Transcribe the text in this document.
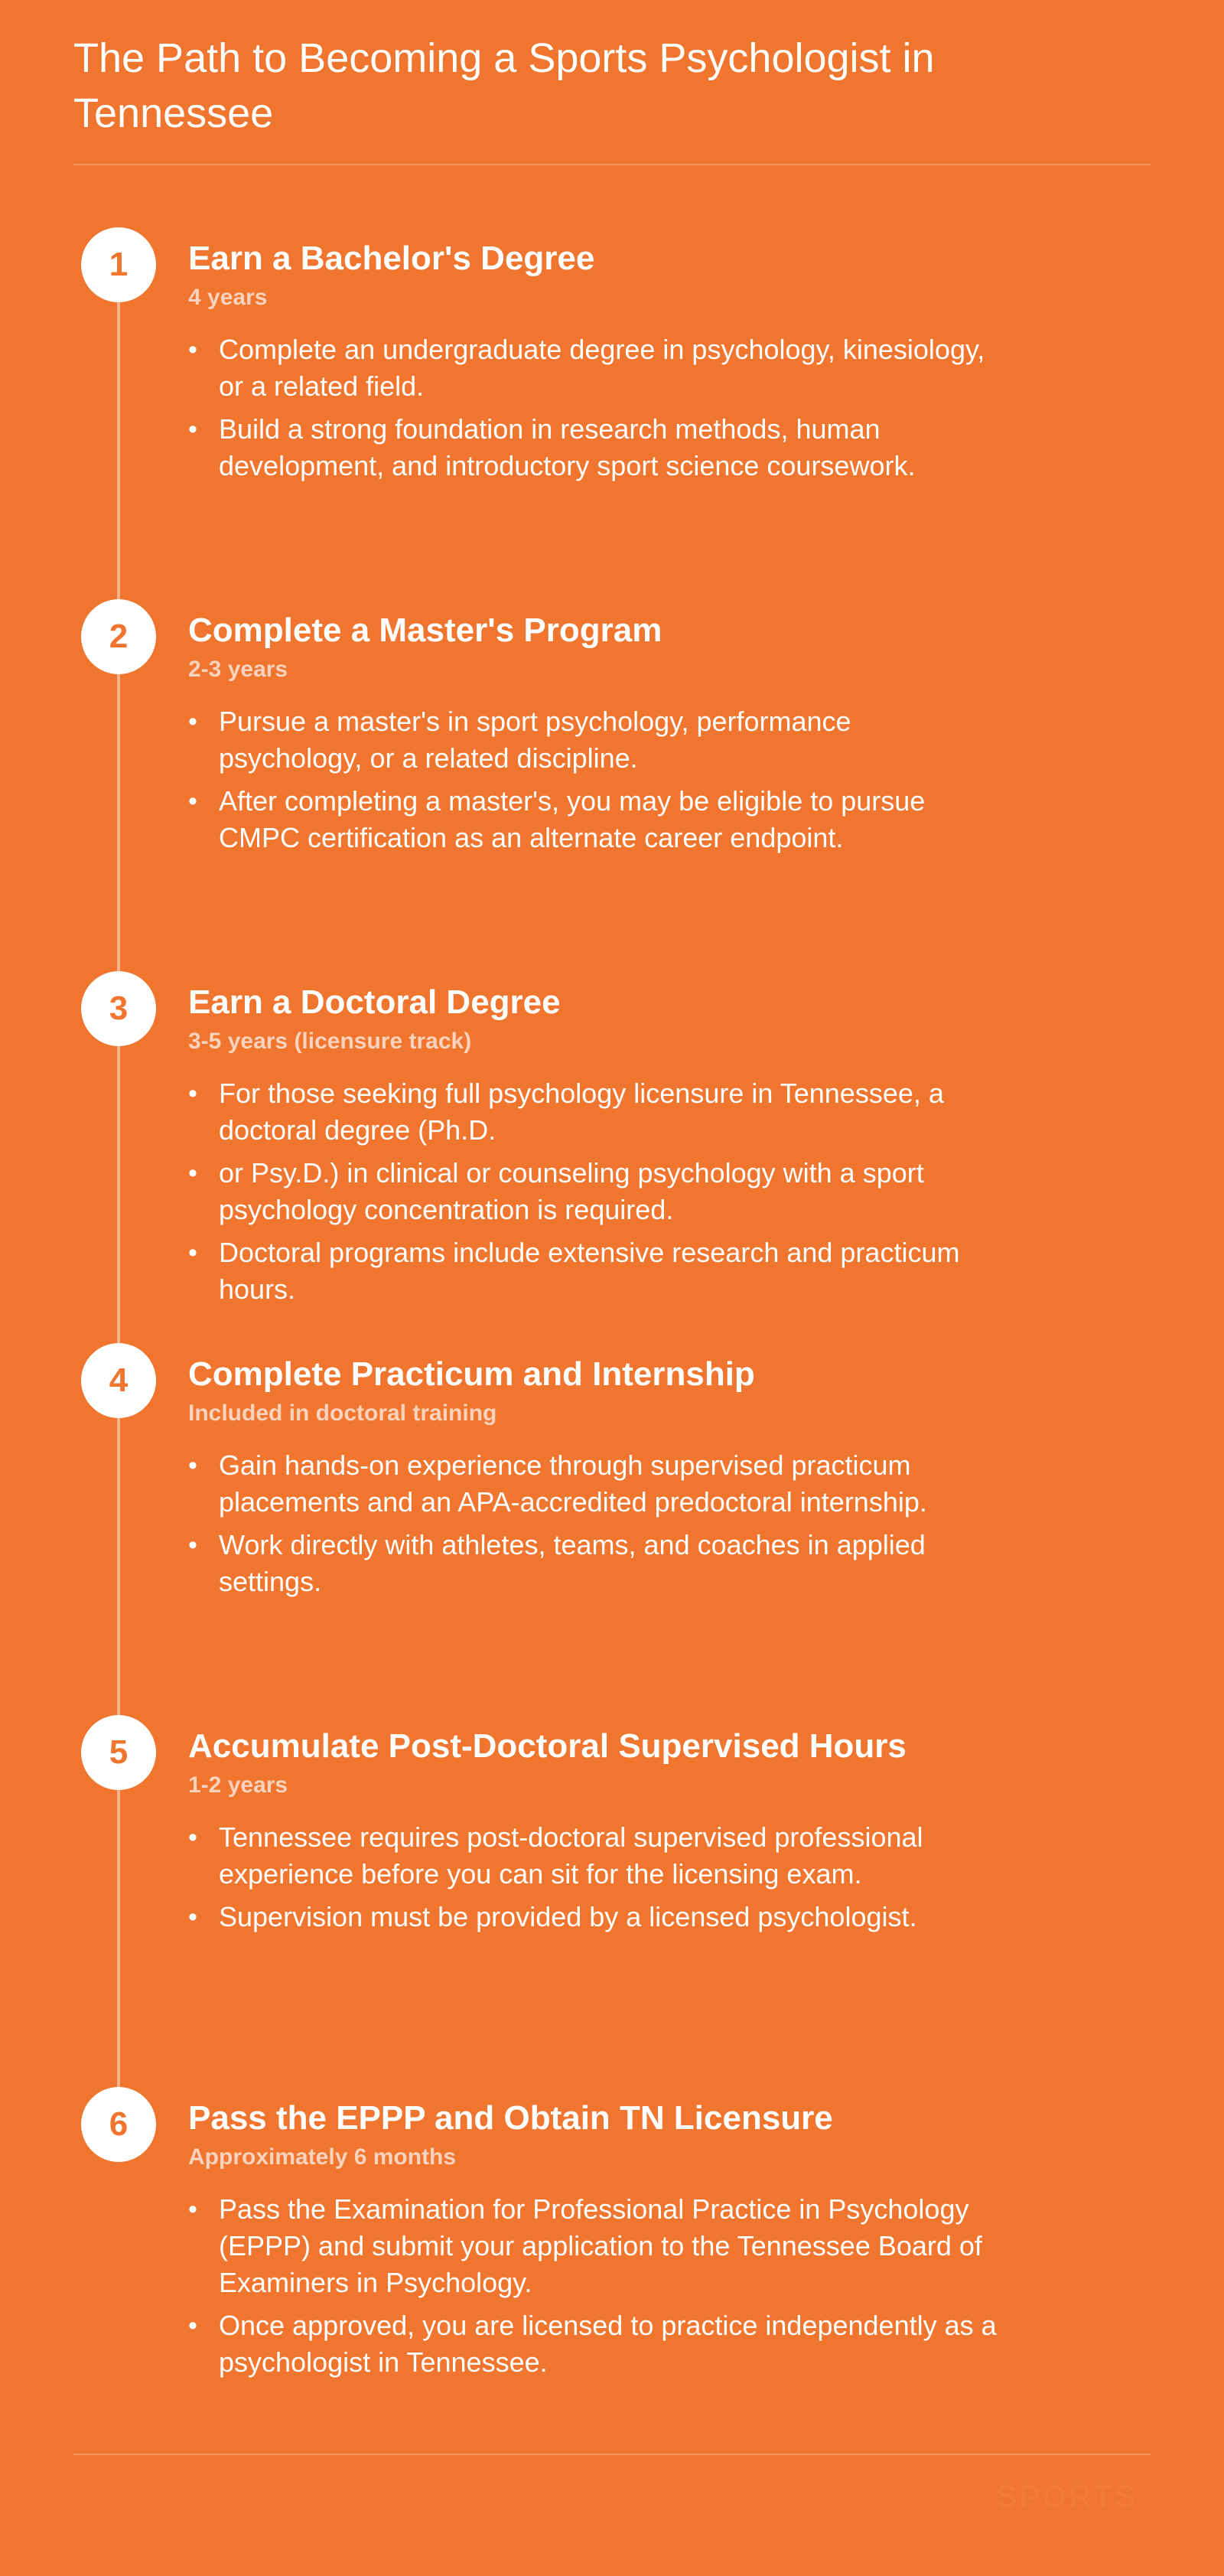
The Path to Becoming a Sports Psychologist in Tennessee
1	Earn a Bachelor's Degree
4 years
• Complete an undergraduate degree in psychology, kinesiology, or a related field.
• Build a strong foundation in research methods, human development, and introductory sport science coursework.
2	Complete a Master's Program
2-3 years
• Pursue a master's in sport psychology, performance psychology, or a related discipline.
• After completing a master's, you may be eligible to pursue CMPC certification as an alternate career endpoint.
3	Earn a Doctoral Degree
3-5 years (licensure track)
• For those seeking full psychology licensure in Tennessee, a doctoral degree (Ph.D.
• or Psy.D.) in clinical or counseling psychology with a sport psychology concentration is required.
• Doctoral programs include extensive research and practicum hours.
4	Complete Practicum and Internship
Included in doctoral training
• Gain hands-on experience through supervised practicum placements and an APA-accredited predoctoral internship.
• Work directly with athletes, teams, and coaches in applied settings.
5	Accumulate Post-Doctoral Supervised Hours
1-2 years
• Tennessee requires post-doctoral supervised professional experience before you can sit for the licensing exam.
• Supervision must be provided by a licensed psychologist.
6	Pass the EPPP and Obtain TN Licensure
Approximately 6 months
• Pass the Examination for Professional Practice in Psychology (EPPP) and submit your application to the Tennessee Board of Examiners in Psychology.
• Once approved, you are licensed to practice independently as a psychologist in Tennessee.
SPORTS
